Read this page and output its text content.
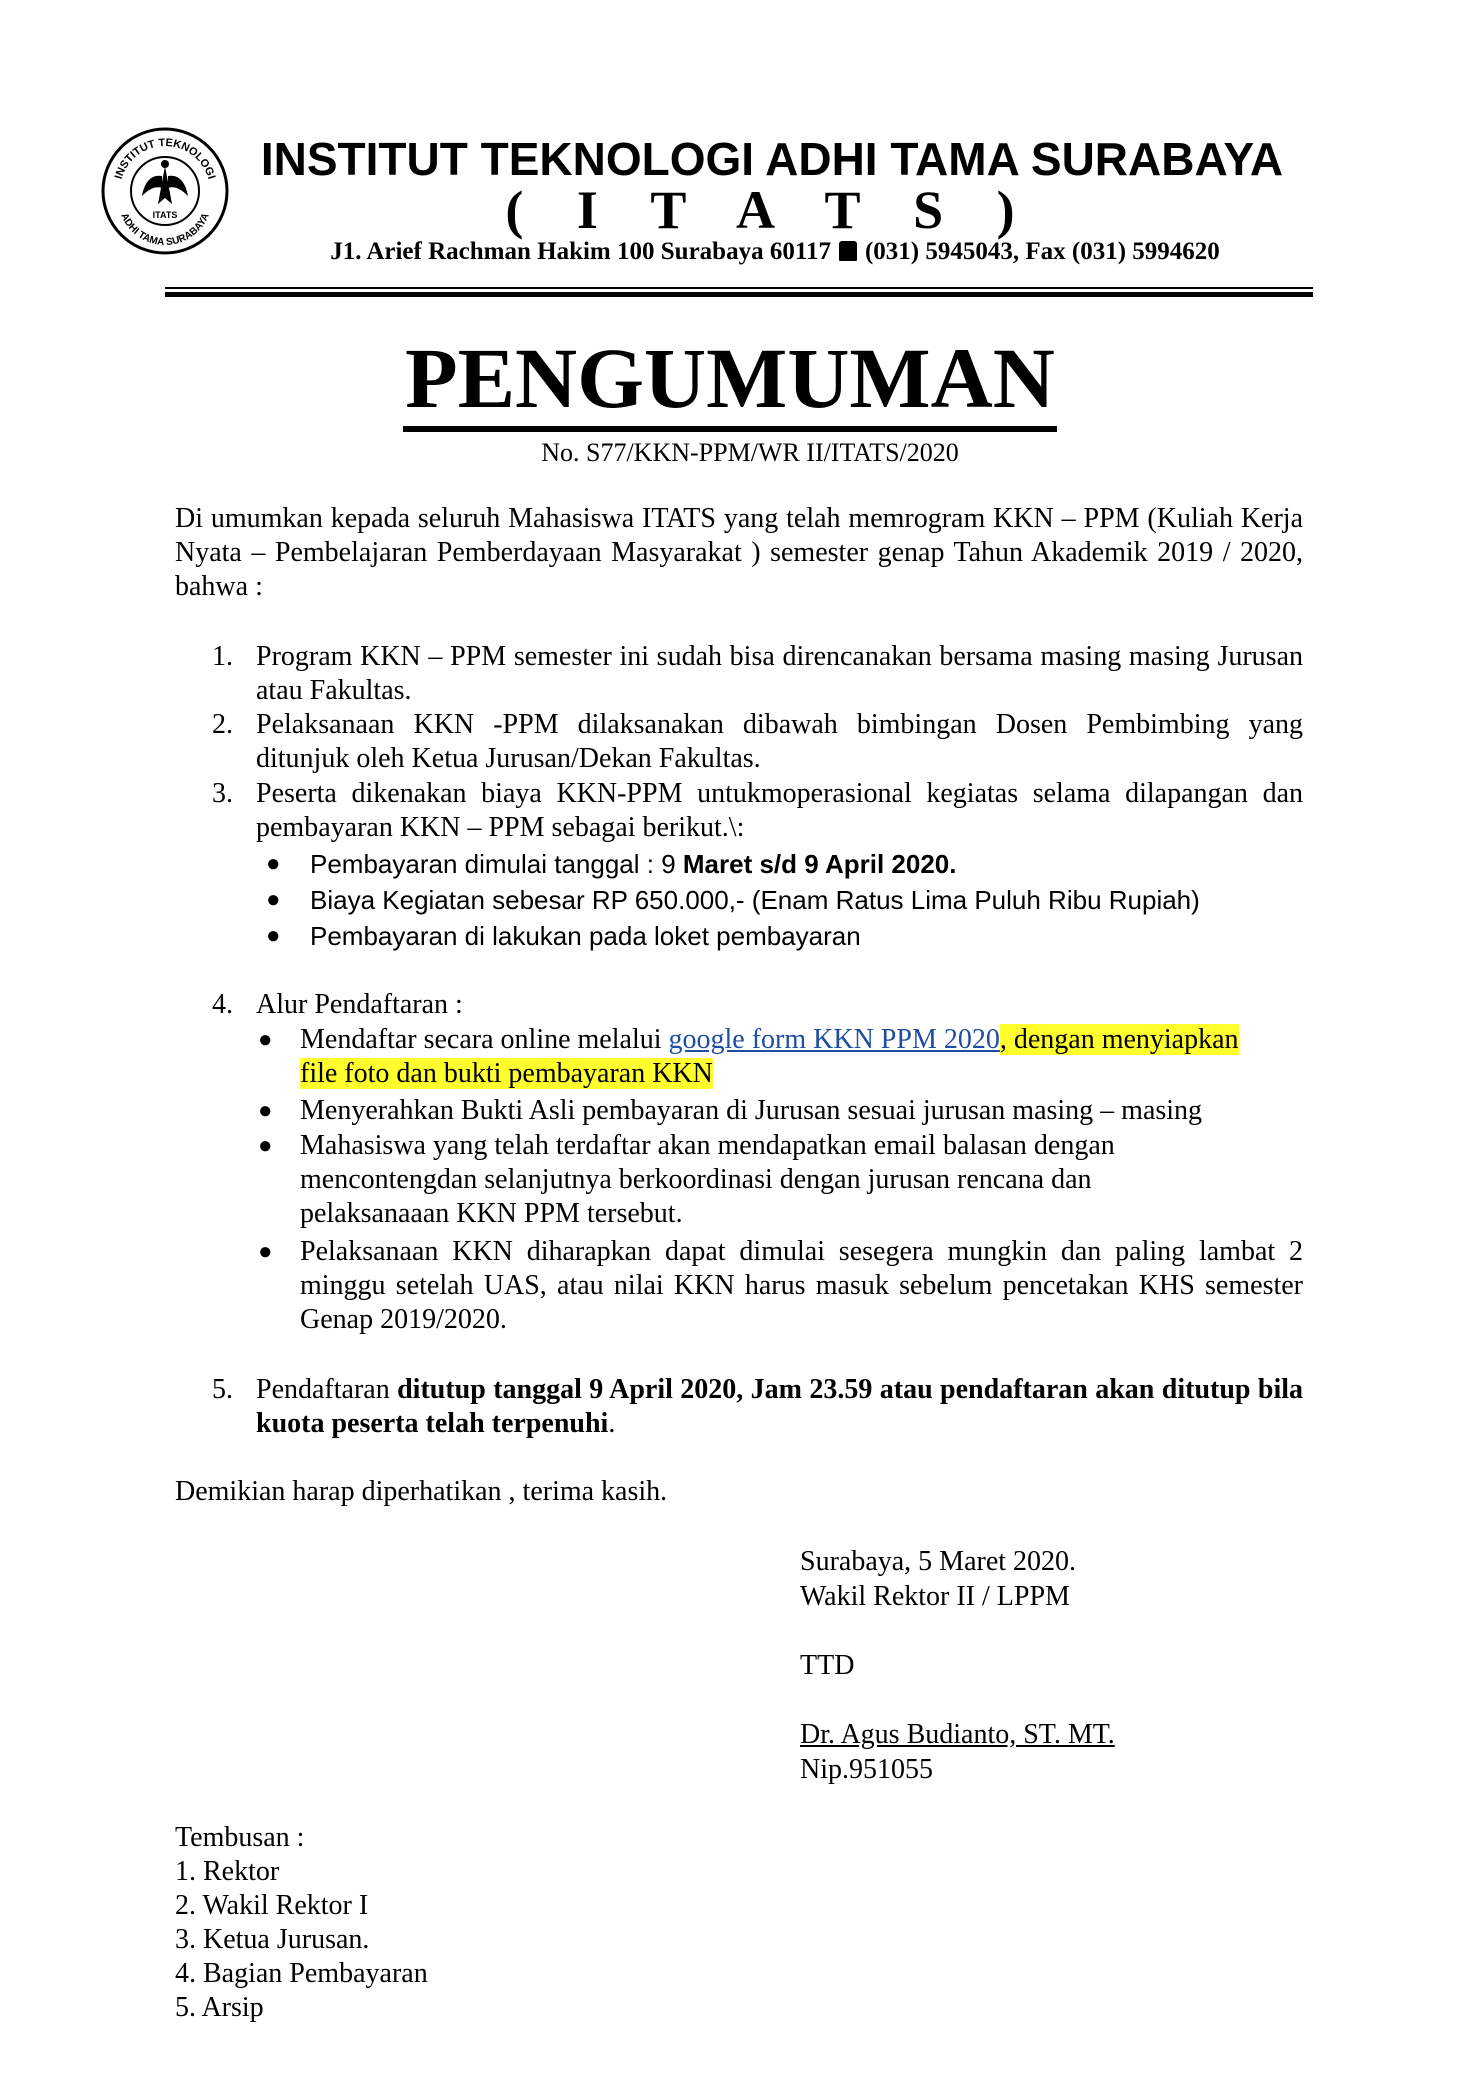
INSTITUT TEKNOLOGI
ADHI TAMA SURABAYA
ITATS
INSTITUT TEKNOLOGI ADHI TAMA SURABAYA
( I T A T S )
J1. Arief Rachman Hakim 100 Surabaya 60117 (031) 5945043, Fax (031) 5994620
PENGUMUMAN
No. S77/KKN-PPM/WR II/ITATS/2020
Di umumkan kepada seluruh Mahasiswa ITATS yang telah memrogram KKN – PPM (Kuliah Kerja Nyata – Pembelajaran Pemberdayaan Masyarakat ) semester genap Tahun Akademik 2019 / 2020, bahwa :
1. Program KKN – PPM semester ini sudah bisa direncanakan bersama masing masing Jurusan atau Fakultas.
2. Pelaksanaan KKN -PPM dilaksanakan dibawah bimbingan Dosen Pembimbing yang ditunjuk oleh Ketua Jurusan/Dekan Fakultas.
3. Peserta dikenakan biaya KKN-PPM untukmoperasional kegiatas selama dilapangan dan pembayaran KKN – PPM sebagai berikut.\:
● Pembayaran dimulai tanggal : 9 Maret s/d 9 April 2020.
● Biaya Kegiatan sebesar RP 650.000,- (Enam Ratus Lima Puluh Ribu Rupiah)
● Pembayaran di lakukan pada loket pembayaran
4. Alur Pendaftaran :
● Mendaftar secara online melalui google form KKN PPM 2020, dengan menyiapkan
file foto dan bukti pembayaran KKN
● Menyerahkan Bukti Asli pembayaran di Jurusan sesuai jurusan masing – masing
● Mahasiswa yang telah terdaftar akan mendapatkan email balasan dengan mencontengdan selanjutnya berkoordinasi dengan jurusan rencana dan pelaksanaaan KKN PPM tersebut.
● Pelaksanaan KKN diharapkan dapat dimulai sesegera mungkin dan paling lambat 2 minggu setelah UAS, atau nilai KKN harus masuk sebelum pencetakan KHS semester Genap 2019/2020.
5. Pendaftaran ditutup tanggal 9 April 2020, Jam 23.59 atau pendaftaran akan ditutup bila kuota peserta telah terpenuhi.
Demikian harap diperhatikan , terima kasih.
Surabaya, 5 Maret 2020.
Wakil Rektor II / LPPM
TTD
Dr. Agus Budianto, ST. MT.
Nip.951055
Tembusan :
1. Rektor
2. Wakil Rektor I
3. Ketua Jurusan.
4. Bagian Pembayaran
5. Arsip
